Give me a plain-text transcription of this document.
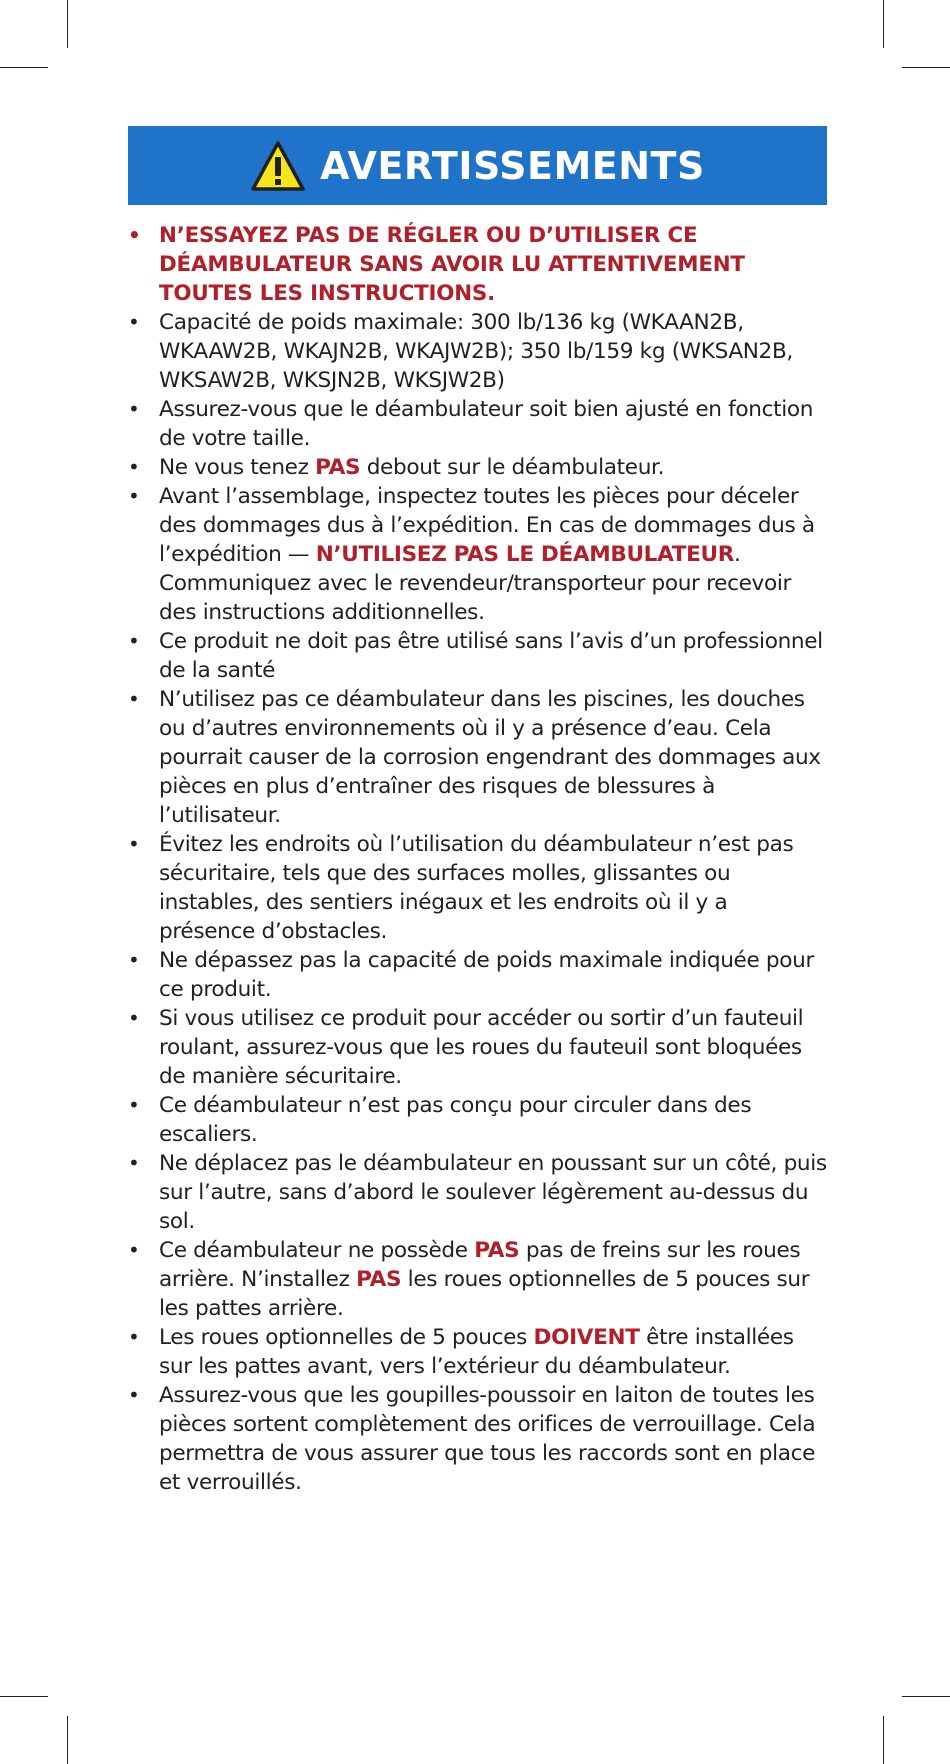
AVERTISSEMENTS
• N’ESSAYEZ PAS DE RÉGLER OU D’UTILISER CE DÉAMBULATEUR SANS AVOIR LU ATTENTIVEMENT TOUTES LES INSTRUCTIONS.
• Capacité de poids maximale: 300 lb/136 kg (WKAAN2B, WKAAW2B, WKAJN2B, WKAJW2B); 350 lb/159 kg (WKSAN2B, WKSAW2B, WKSJN2B, WKSJW2B)
• Assurez-vous que le déambulateur soit bien ajusté en fonction de votre taille.
• Ne vous tenez PAS debout sur le déambulateur.
• Avant l’assemblage, inspectez toutes les pièces pour déceler des dommages dus à l’expédition. En cas de dommages dus à l’expédition — N’UTILISEZ PAS LE DÉAMBULATEUR. Communiquez avec le revendeur/transporteur pour recevoir des instructions additionnelles.
• Ce produit ne doit pas être utilisé sans l’avis d’un professionnel de la santé
• N’utilisez pas ce déambulateur dans les piscines, les douches ou d’autres environnements où il y a présence d’eau. Cela pourrait causer de la corrosion engendrant des dommages aux pièces en plus d’entraîner des risques de blessures à l’utilisateur.
• Évitez les endroits où l’utilisation du déambulateur n’est pas sécuritaire, tels que des surfaces molles, glissantes ou instables, des sentiers inégaux et les endroits où il y a présence d’obstacles.
• Ne dépassez pas la capacité de poids maximale indiquée pour ce produit.
• Si vous utilisez ce produit pour accéder ou sortir d’un fauteuil roulant, assurez-vous que les roues du fauteuil sont bloquées de manière sécuritaire.
• Ce déambulateur n’est pas conçu pour circuler dans des escaliers.
• Ne déplacez pas le déambulateur en poussant sur un côté, puis sur l’autre, sans d’abord le soulever légèrement au-dessus du sol.
• Ce déambulateur ne possède PAS pas de freins sur les roues arrière. N’installez PAS les roues optionnelles de 5 pouces sur les pattes arrière.
• Les roues optionnelles de 5 pouces DOIVENT être installées sur les pattes avant, vers l’extérieur du déambulateur.
• Assurez-vous que les goupilles-poussoir en laiton de toutes les pièces sortent complètement des orifices de verrouillage. Cela permettra de vous assurer que tous les raccords sont en place et verrouillés.
